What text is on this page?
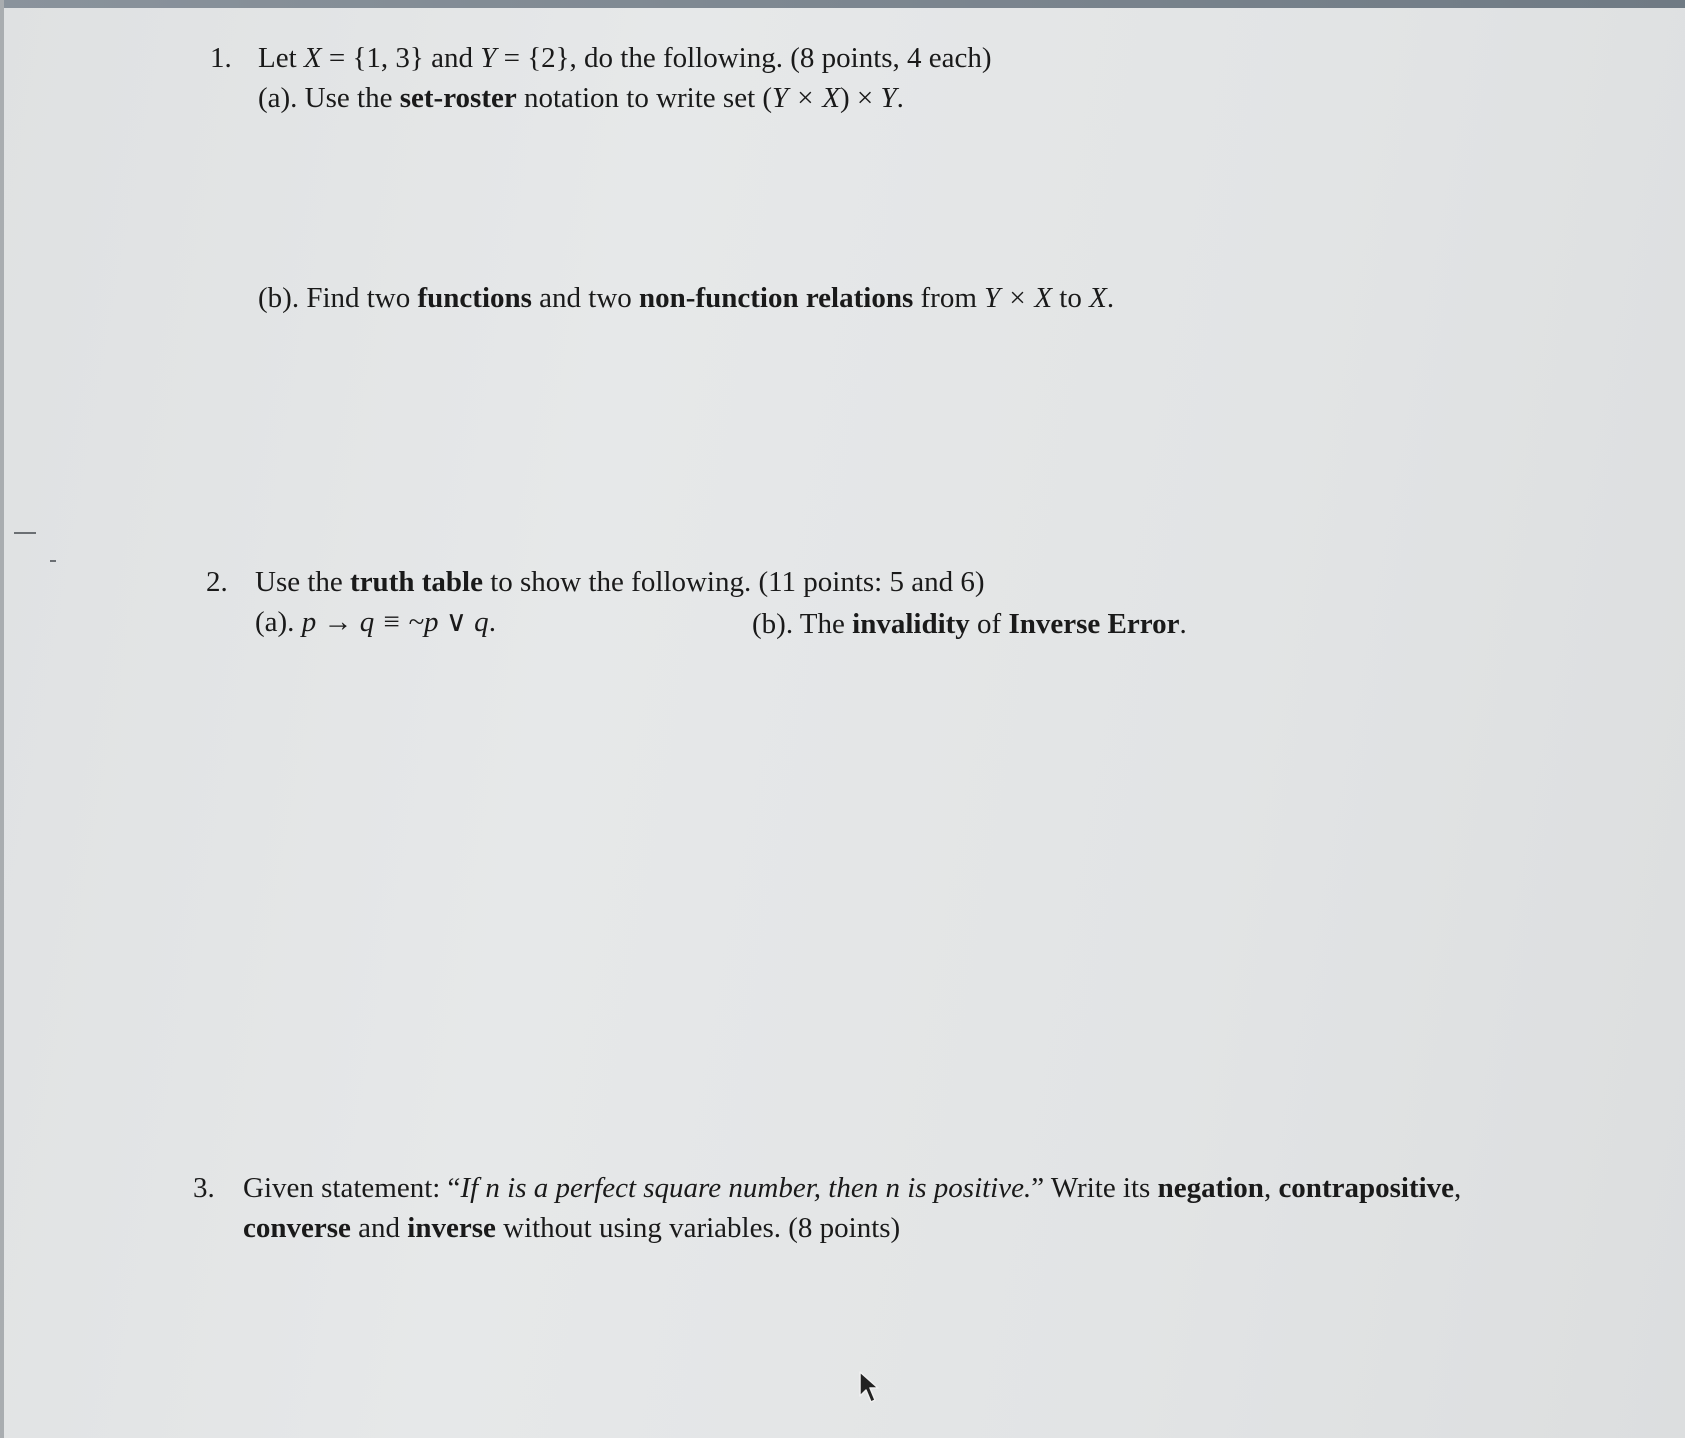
1. Let X = {1, 3} and Y = {2}, do the following. (8 points, 4 each)
(a). Use the set-roster notation to write set (Y × X) × Y.
(b). Find two functions and two non-function relations from Y × X to X.
2. Use the truth table to show the following. (11 points: 5 and 6)
(a). p → q ≡ ~p ∨ q.	(b). The invalidity of Inverse Error.
3. Given statement: “If n is a perfect square number, then n is positive.” Write its negation, contrapositive,
converse and inverse without using variables. (8 points)
